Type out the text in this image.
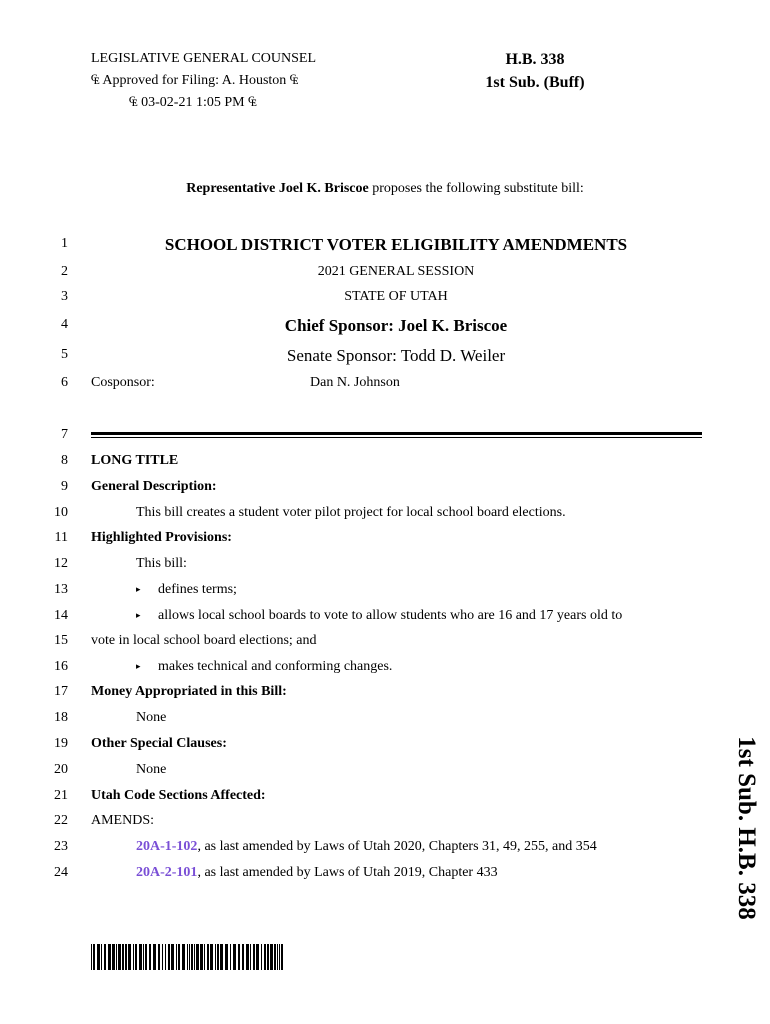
LEGISLATIVE GENERAL COUNSEL
₠ Approved for Filing: A. Houston ₠
₠ 03-02-21 1:05 PM ₠
H.B. 338
1st Sub. (Buff)
Representative Joel K. Briscoe proposes the following substitute bill:
1
2
3
4
5
6
7
8
9
10
11
12
13
14
15
16
17
18
19
20
21
22
23
24
SCHOOL DISTRICT VOTER ELIGIBILITY AMENDMENTS
2021 GENERAL SESSION
STATE OF UTAH
Chief Sponsor: Joel K. Briscoe
Senate Sponsor: Todd D. Weiler
Cosponsor:	Dan N. Johnson
LONG TITLE
General Description:
This bill creates a student voter pilot project for local school board elections.
Highlighted Provisions:
This bill:
▸ defines terms;
▸ allows local school boards to vote to allow students who are 16 and 17 years old to
vote in local school board elections; and
▸ makes technical and conforming changes.
Money Appropriated in this Bill:
None
Other Special Clauses:
None
Utah Code Sections Affected:
AMENDS:
20A-1-102, as last amended by Laws of Utah 2020, Chapters 31, 49, 255, and 354
20A-2-101, as last amended by Laws of Utah 2019, Chapter 433	1st Sub. H.B. 338
